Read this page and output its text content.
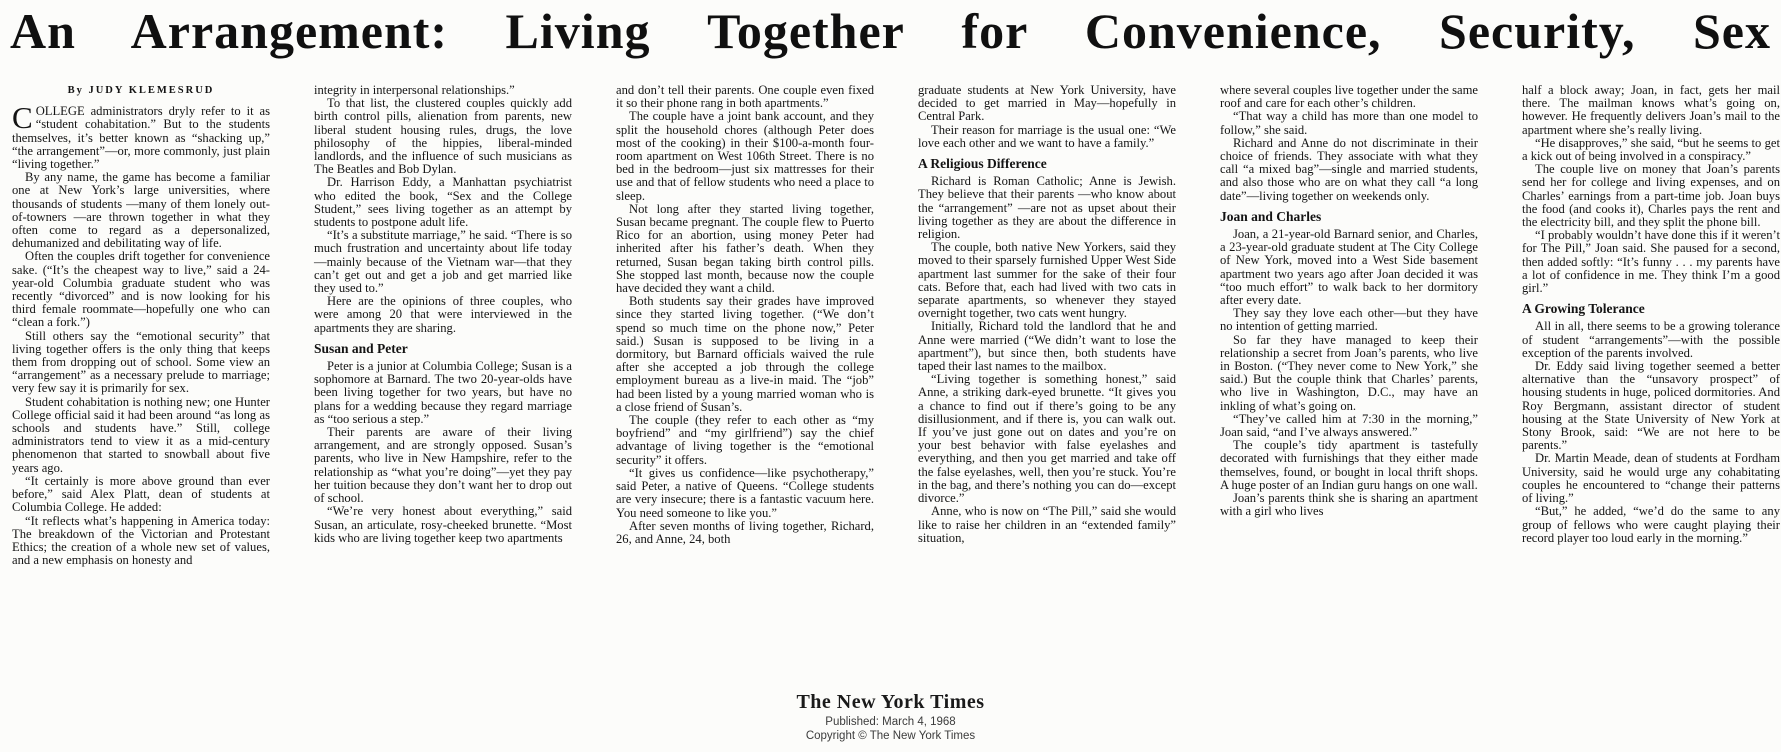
An Arrangement: Living Together for Convenience, Security, Sex

By JUDY KLEMESRUD

COLLEGE administrators dryly refer to it as “student cohabitation.” But to the students themselves, it’s better known as “shacking up,” “the arrangement”—or, more commonly, just plain “living together.”

By any name, the game has become a familiar one at New York’s large universities, where thousands of students —many of them lonely out-of-towners —are thrown together in what they often come to regard as a depersonalized, dehumanized and debilitating way of life.

Often the couples drift together for convenience sake. (“It’s the cheapest way to live,” said a 24-year-old Columbia graduate student who was recently “divorced” and is now looking for his third female roommate—hopefully one who can “clean a fork.”)

Still others say the “emotional security” that living together offers is the only thing that keeps them from dropping out of school. Some view an “arrangement” as a necessary prelude to marriage; very few say it is primarily for sex.

Student cohabitation is nothing new; one Hunter College official said it had been around “as long as schools and students have.” Still, college administrators tend to view it as a mid-century phenomenon that started to snowball about five years ago.

“It certainly is more above ground than ever before,” said Alex Platt, dean of students at Columbia College. He added:

“It reflects what’s happening in America today: The breakdown of the Victorian and Protestant Ethics; the creation of a whole new set of values, and a new emphasis on honesty and

integrity in interpersonal relationships.”

To that list, the clustered couples quickly add birth control pills, alienation from parents, new liberal student housing rules, drugs, the love philosophy of the hippies, liberal-minded landlords, and the influence of such musicians as The Beatles and Bob Dylan.

Dr. Harrison Eddy, a Manhattan psychiatrist who edited the book, “Sex and the College Student,” sees living together as an attempt by students to postpone adult life.

“It’s a substitute marriage,” he said. “There is so much frustration and uncertainty about life today—mainly because of the Vietnam war—that they can’t get out and get a job and get married like they used to.”

Here are the opinions of three couples, who were among 20 that were interviewed in the apartments they are sharing.

Susan and Peter

Peter is a junior at Columbia College; Susan is a sophomore at Barnard. The two 20-year-olds have been living together for two years, but have no plans for a wedding because they regard marriage as “too serious a step.”

Their parents are aware of their living arrangement, and are strongly opposed. Susan’s parents, who live in New Hampshire, refer to the relationship as “what you’re doing”—yet they pay her tuition because they don’t want her to drop out of school.

“We’re very honest about everything,” said Susan, an articulate, rosy-cheeked brunette. “Most kids who are living together keep two apartments

and don’t tell their parents. One couple even fixed it so their phone rang in both apartments.”

The couple have a joint bank account, and they split the household chores (although Peter does most of the cooking) in their $100-a-month four-room apartment on West 106th Street. There is no bed in the bedroom—just six mattresses for their use and that of fellow students who need a place to sleep.

Not long after they started living together, Susan became pregnant. The couple flew to Puerto Rico for an abortion, using money Peter had inherited after his father’s death. When they returned, Susan began taking birth control pills. She stopped last month, because now the couple have decided they want a child.

Both students say their grades have improved since they started living together. (“We don’t spend so much time on the phone now,” Peter said.) Susan is supposed to be living in a dormitory, but Barnard officials waived the rule after she accepted a job through the college employment bureau as a live-in maid. The “job” had been listed by a young married woman who is a close friend of Susan’s.

The couple (they refer to each other as “my boyfriend” and “my girlfriend”) say the chief advantage of living together is the “emotional security” it offers.

“It gives us confidence—like psychotherapy,” said Peter, a native of Queens. “College students are very insecure; there is a fantastic vacuum here. You need someone to like you.”

After seven months of living together, Richard, 26, and Anne, 24, both

graduate students at New York University, have decided to get married in May—hopefully in Central Park.

Their reason for marriage is the usual one: “We love each other and we want to have a family.”

A Religious Difference

Richard is Roman Catholic; Anne is Jewish. They believe that their parents —who know about the “arrangement” —are not as upset about their living together as they are about the difference in religion.

The couple, both native New Yorkers, said they moved to their sparsely furnished Upper West Side apartment last summer for the sake of their four cats. Before that, each had lived with two cats in separate apartments, so whenever they stayed overnight together, two cats went hungry.

Initially, Richard told the landlord that he and Anne were married (“We didn’t want to lose the apartment”), but since then, both students have taped their last names to the mailbox.

“Living together is something honest,” said Anne, a striking dark-eyed brunette. “It gives you a chance to find out if there’s going to be any disillusionment, and if there is, you can walk out. If you’ve just gone out on dates and you’re on your best behavior with false eyelashes and everything, and then you get married and take off the false eyelashes, well, then you’re stuck. You’re in the bag, and there’s nothing you can do—except divorce.”

Anne, who is now on “The Pill,” said she would like to raise her children in an “extended family” situation,

where several couples live together under the same roof and care for each other’s children.

“That way a child has more than one model to follow,” she said.

Richard and Anne do not discriminate in their choice of friends. They associate with what they call “a mixed bag”—single and married students, and also those who are on what they call “a long date”—living together on weekends only.

Joan and Charles

Joan, a 21-year-old Barnard senior, and Charles, a 23-year-old graduate student at The City College of New York, moved into a West Side basement apartment two years ago after Joan decided it was “too much effort” to walk back to her dormitory after every date.

They say they love each other—but they have no intention of getting married.

So far they have managed to keep their relationship a secret from Joan’s parents, who live in Boston. (“They never come to New York,” she said.) But the couple think that Charles’ parents, who live in Washington, D.C., may have an inkling of what’s going on.

“They’ve called him at 7:30 in the morning,” Joan said, “and I’ve always answered.”

The couple’s tidy apartment is tastefully decorated with furnishings that they either made themselves, found, or bought in local thrift shops. A huge poster of an Indian guru hangs on one wall.

Joan’s parents think she is sharing an apartment with a girl who lives

half a block away; Joan, in fact, gets her mail there. The mailman knows what’s going on, however. He frequently delivers Joan’s mail to the apartment where she’s really living.

“He disapproves,” she said, “but he seems to get a kick out of being involved in a conspiracy.”

The couple live on money that Joan’s parents send her for college and living expenses, and on Charles’ earnings from a part-time job. Joan buys the food (and cooks it), Charles pays the rent and the electricity bill, and they split the phone bill.

“I probably wouldn’t have done this if it weren’t for The Pill,” Joan said. She paused for a second, then added softly: “It’s funny . . . my parents have a lot of confidence in me. They think I’m a good girl.”

A Growing Tolerance

All in all, there seems to be a growing tolerance of student “arrangements”—with the possible exception of the parents involved.

Dr. Eddy said living together seemed a better alternative than the “unsavory prospect” of housing students in huge, policed dormitories. And Roy Bergmann, assistant director of student housing at the State University of New York at Stony Brook, said: “We are not here to be parents.”

Dr. Martin Meade, dean of students at Fordham University, said he would urge any cohabitating couples he encountered to “change their patterns of living.”

“But,” he added, “we’d do the same to any group of fellows who were caught playing their record player too loud early in the morning.”

The New York Times
Published: March 4, 1968
Copyright © The New York Times
